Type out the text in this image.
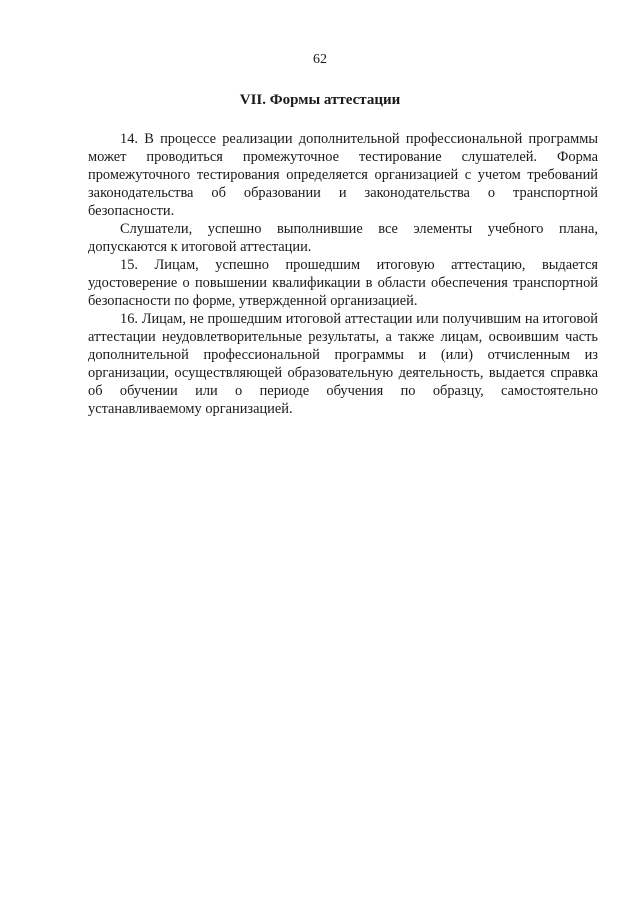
62
VII. Формы аттестации

14. В процессе реализации дополнительной профессиональной программы может проводиться промежуточное тестирование слушателей. Форма промежуточного тестирования определяется организацией с учетом требований законодательства об образовании и законодательства о транспортной безопасности.

Слушатели, успешно выполнившие все элементы учебного плана, допускаются к итоговой аттестации.

15. Лицам, успешно прошедшим итоговую аттестацию, выдается удостоверение о повышении квалификации в области обеспечения транспортной безопасности по форме, утвержденной организацией.

16. Лицам, не прошедшим итоговой аттестации или получившим на итоговой аттестации неудовлетворительные результаты, а также лицам, освоившим часть дополнительной профессиональной программы и (или) отчисленным из организации, осуществляющей образовательную деятельность, выдается справка об обучении или о периоде обучения по образцу, самостоятельно устанавливаемому организацией.
